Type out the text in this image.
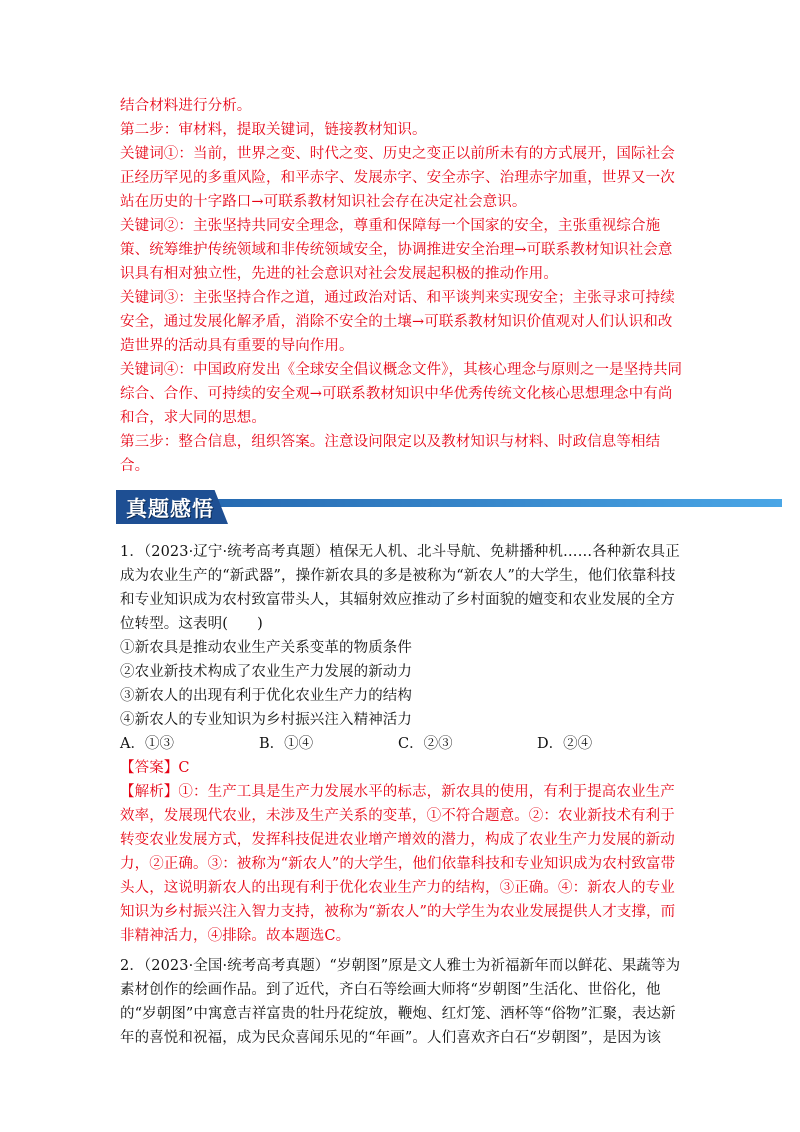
结合材料进行分析。

第二步：审材料，提取关键词，链接教材知识。

关键词①：当前，世界之变、时代之变、历史之变正以前所未有的方式展开，国际社会正经历罕见的多重风险，和平赤字、发展赤字、安全赤字、治理赤字加重，世界又一次站在历史的十字路口→可联系教材知识社会存在决定社会意识。

关键词②：主张坚持共同安全理念，尊重和保障每一个国家的安全，主张重视综合施策、统筹维护传统领域和非传统领域安全，协调推进安全治理→可联系教材知识社会意识具有相对独立性，先进的社会意识对社会发展起积极的推动作用。

关键词③：主张坚持合作之道，通过政治对话、和平谈判来实现安全；主张寻求可持续安全，通过发展化解矛盾，消除不安全的土壤→可联系教材知识价值观对人们认识和改造世界的活动具有重要的导向作用。

关键词④：中国政府发出《全球安全倡议概念文件》，其核心理念与原则之一是坚持共同综合、合作、可持续的安全观→可联系教材知识中华优秀传统文化核心思想理念中有尚和合，求大同的思想。

第三步：整合信息，组织答案。注意设问限定以及教材知识与材料、时政信息等相结合。

真题感悟

1．（2023·辽宁·统考高考真题）植保无人机、北斗导航、免耕播种机……各种新农具正成为农业生产的“新武器”，操作新农具的多是被称为“新农人”的大学生，他们依靠科技和专业知识成为农村致富带头人，其辐射效应推动了乡村面貌的嬗变和农业发展的全方位转型。这表明(　　)

①新农具是推动农业生产关系变革的物质条件

②农业新技术构成了农业生产力发展的新动力

③新农人的出现有利于优化农业生产力的结构

④新农人的专业知识为乡村振兴注入精神活力

A．①③	B．①④	C．②③	D．②④

【答案】C

【解析】①：生产工具是生产力发展水平的标志，新农具的使用，有利于提高农业生产效率，发展现代农业，未涉及生产关系的变革，①不符合题意。②：农业新技术有利于转变农业发展方式，发挥科技促进农业增产增效的潜力，构成了农业生产力发展的新动力，②正确。③：被称为“新农人”的大学生，他们依靠科技和专业知识成为农村致富带头人，这说明新农人的出现有利于优化农业生产力的结构，③正确。④：新农人的专业知识为乡村振兴注入智力支持，被称为“新农人”的大学生为农业发展提供人才支撑，而非精神活力，④排除。故本题选C。

2．（2023·全国·统考高考真题）“岁朝图”原是文人雅士为祈福新年而以鲜花、果蔬等为素材创作的绘画作品。到了近代，齐白石等绘画大师将“岁朝图”生活化、世俗化，他的“岁朝图”中寓意吉祥富贵的牡丹花绽放，鞭炮、红灯笼、酒杯等“俗物”汇聚，表达新年的喜悦和祝福，成为民众喜闻乐见的“年画”。人们喜欢齐白石“岁朝图”，是因为该
